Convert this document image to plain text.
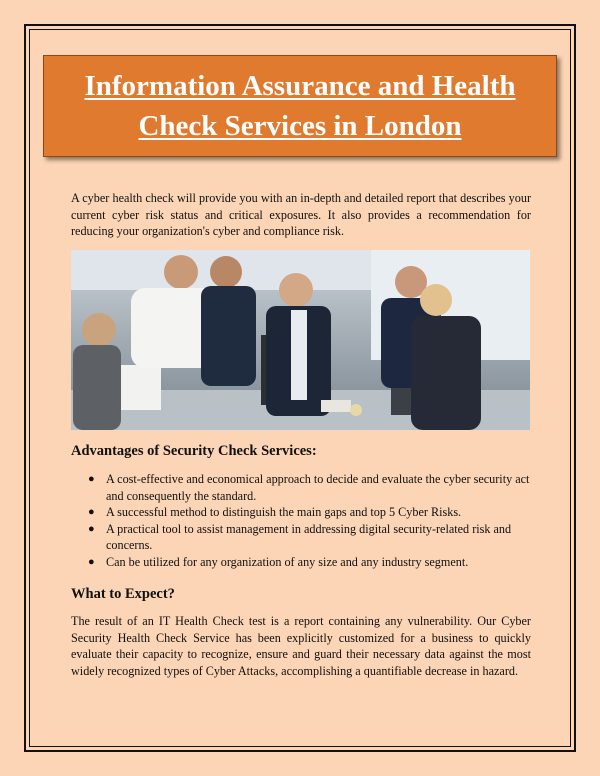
Information Assurance and Health Check Services in London

A cyber health check will provide you with an in-depth and detailed report that describes your current cyber risk status and critical exposures. It also provides a recommendation for reducing your organization's cyber and compliance risk.

Advantages of Security Check Services:
● A cost-effective and economical approach to decide and evaluate the cyber security act and consequently the standard.
● A successful method to distinguish the main gaps and top 5 Cyber Risks.
● A practical tool to assist management in addressing digital security-related risk and concerns.
● Can be utilized for any organization of any size and any industry segment.
What to Expect?

The result of an IT Health Check test is a report containing any vulnerability. Our Cyber Security Health Check Service has been explicitly customized for a business to quickly evaluate their capacity to recognize, ensure and guard their necessary data against the most widely recognized types of Cyber Attacks, accomplishing a quantifiable decrease in hazard.
